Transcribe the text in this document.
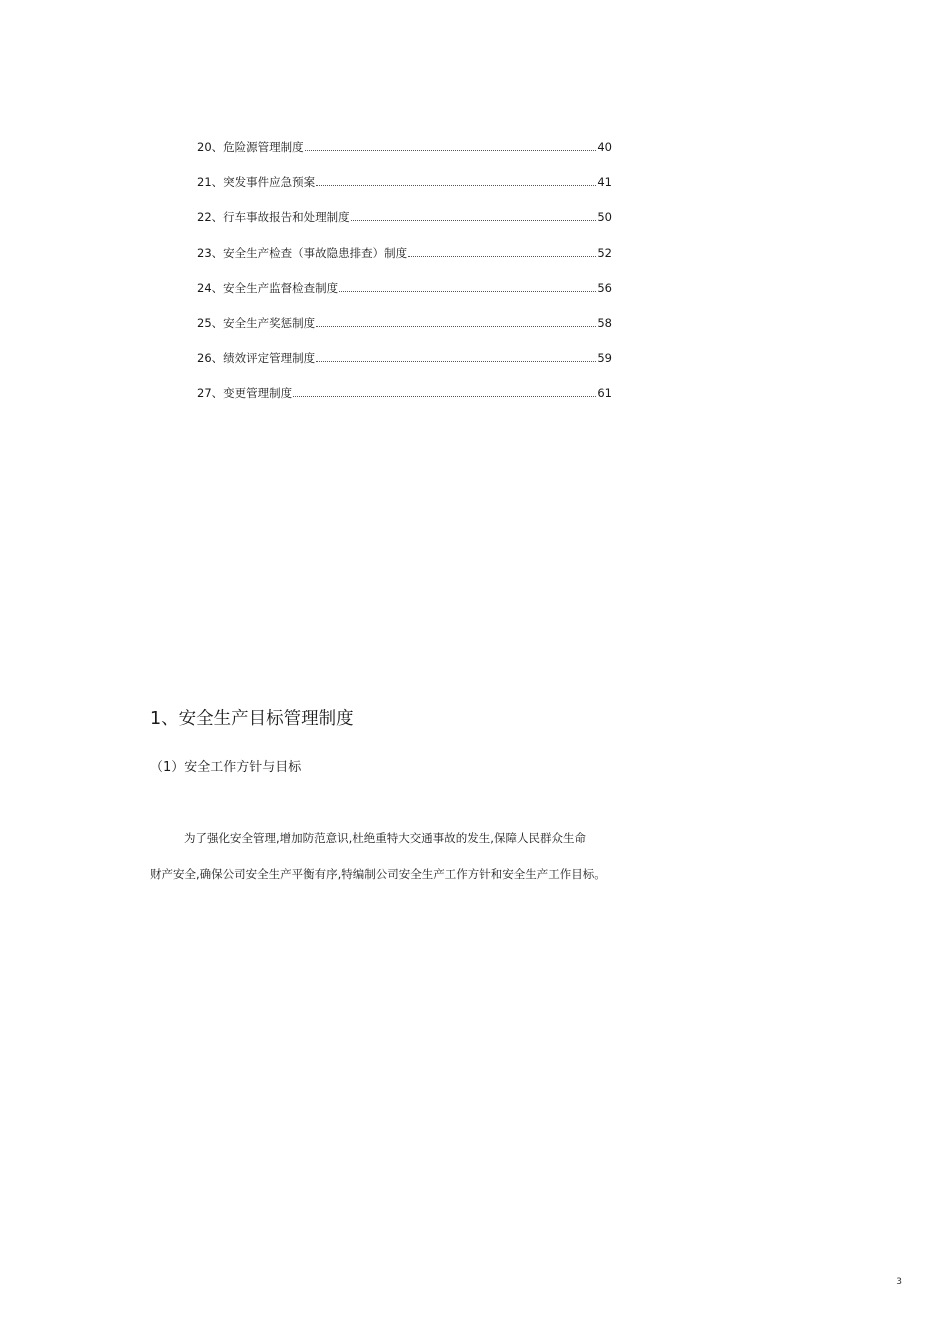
20、危险源管理制度	40
21、突发事件应急预案	41
22、行车事故报告和处理制度	50
23、安全生产检查（事故隐患排查）制度	52
24、安全生产监督检查制度	56
25、安全生产奖惩制度	58
26、绩效评定管理制度	59
27、变更管理制度	61
1、安全生产目标管理制度
（1）安全工作方针与目标
为了强化安全管理,增加防范意识,杜绝重特大交通事故的发生,保障人民群众生命
财产安全,确保公司安全生产平衡有序,特编制公司安全生产工作方针和安全生产工作目标。
3
